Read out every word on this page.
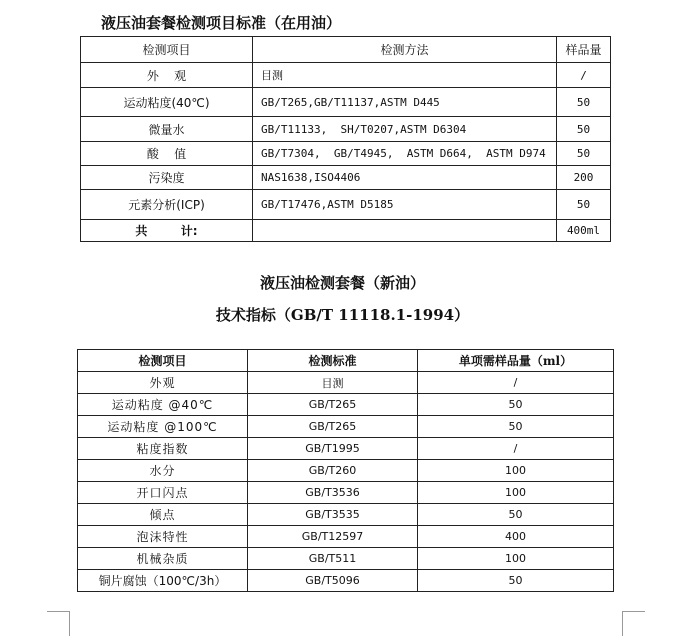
液压油套餐检测项目标准（在用油）
检测项目	检测方法	样品量
外    观	目测	/
运动粘度(40℃)	GB/T265,GB/T11137,ASTM D445	50
微量水	GB/T11133,  SH/T0207,ASTM D6304	50
酸    值	GB/T7304,  GB/T4945,  ASTM D664,  ASTM D974	50
污染度	NAS1638,ISO4406	200
元素分析(ICP)	GB/T17476,ASTM D5185	50
共        计:		400ml
液压油检测套餐（新油）
技术指标（GB/T 11118.1-1994）
检测项目	检测标准	单项需样品量（ml）
外观	目测	/
运动粘度 @40℃	GB/T265	50
运动粘度 @100℃	GB/T265	50
粘度指数	GB/T1995	/
水分	GB/T260	100
开口闪点	GB/T3536	100
倾点	GB/T3535	50
泡沫特性	GB/T12597	400
机械杂质	GB/T511	100
铜片腐蚀（100℃/3h）	GB/T5096	50
